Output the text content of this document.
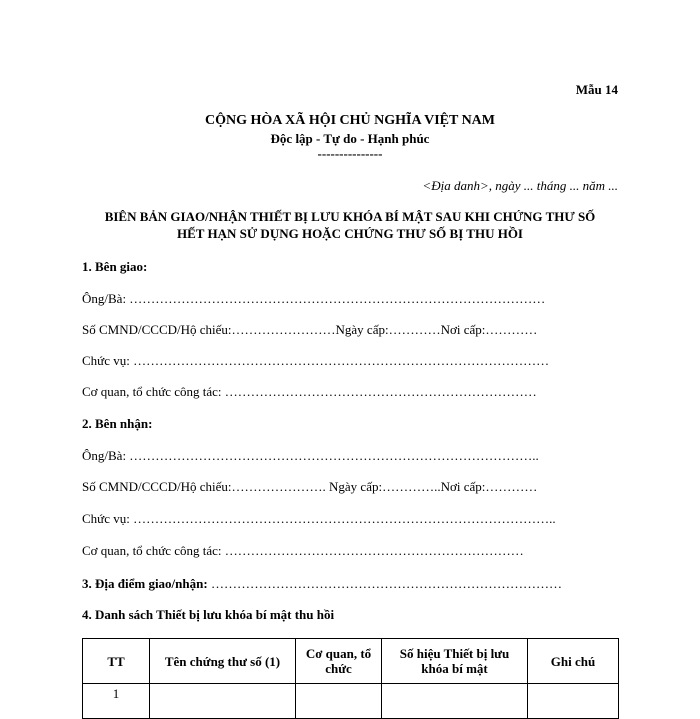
Mẫu 14
CỘNG HÒA XÃ HỘI CHỦ NGHĨA VIỆT NAM
Độc lập - Tự do - Hạnh phúc
---------------
<Địa danh>, ngày ... tháng ... năm ...
BIÊN BẢN GIAO/NHẬN THIẾT BỊ LƯU KHÓA BÍ MẬT SAU KHI CHỨNG THƯ SỐ
HẾT HẠN SỬ DỤNG HOẶC CHỨNG THƯ SỐ BỊ THU HỒI
1. Bên giao:
Ông/Bà: ……………………………………………………………………………………
Số CMND/CCCD/Hộ chiếu:……………………Ngày cấp:…………Nơi cấp:…………
Chức vụ: ……………………………………………………………………………………
Cơ quan, tổ chức công tác: ………………………………………………………………
2. Bên nhận:
Ông/Bà: …………………………………………………………………………………..
Số CMND/CCCD/Hộ chiếu:…………………. Ngày cấp:…………..Nơi cấp:…………
Chức vụ: ……………………………………………………………………………………..
Cơ quan, tổ chức công tác: ……………………………………………………………
3. Địa điểm giao/nhận: ………………………………………………………………………
4. Danh sách Thiết bị lưu khóa bí mật thu hồi
TT	Tên chứng thư số (1)	Cơ quan, tổ chức	Số hiệu Thiết bị lưu khóa bí mật	Ghi chú
1				
